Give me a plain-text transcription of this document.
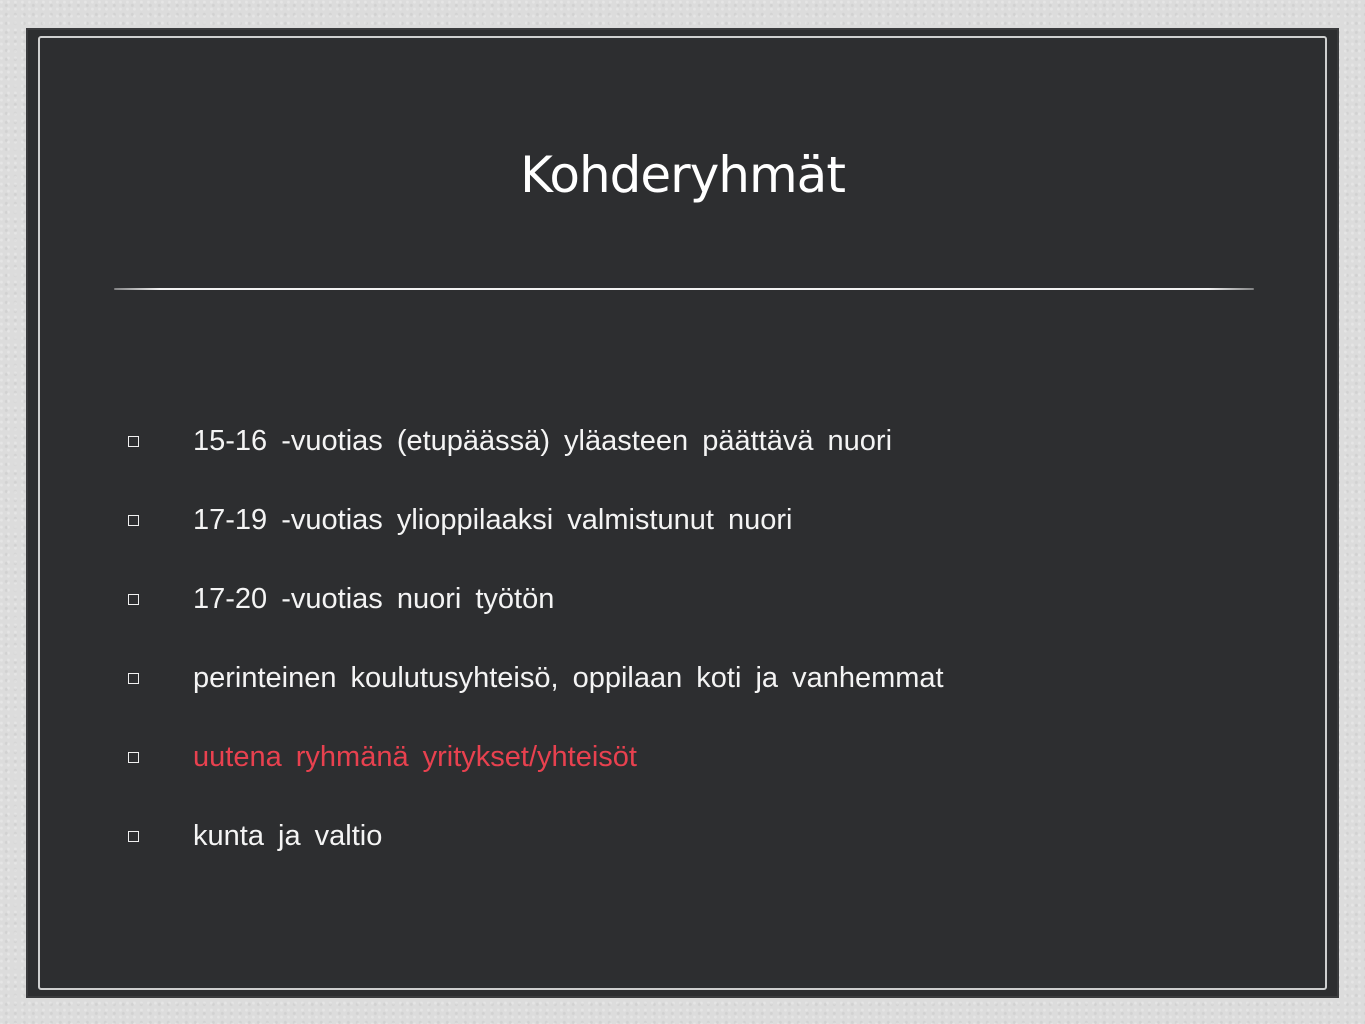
Kohderyhmät
15-16 -vuotias (etupäässä) yläasteen päättävä nuori
17-19 -vuotias ylioppilaaksi valmistunut nuori
17-20 -vuotias nuori työtön
perinteinen koulutusyhteisö, oppilaan koti ja vanhemmat
uutena ryhmänä yritykset/yhteisöt
kunta ja valtio
